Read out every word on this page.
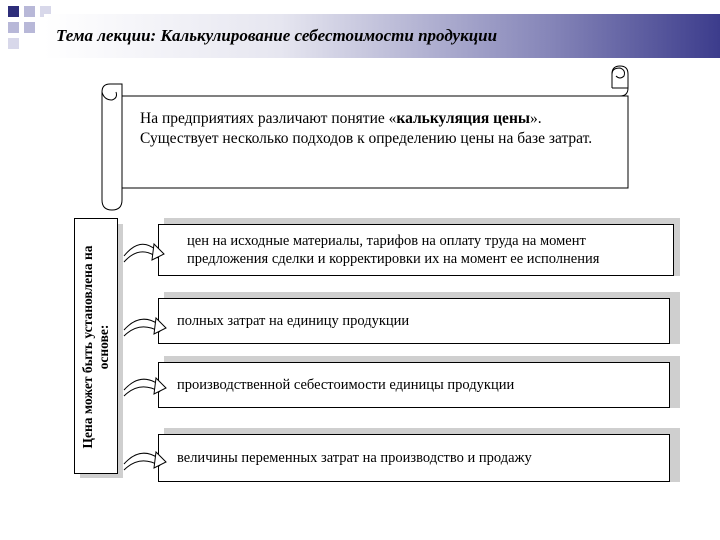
Тема лекции: Калькулирование себестоимости продукции
На предприятиях различают понятие «калькуляция цены». Существует несколько подходов к определению цены на базе затрат.
Цена может быть установлена на основе:
цен на исходные материалы, тарифов на оплату труда на момент предложения сделки и корректировки их на момент ее исполнения
полных затрат на единицу продукции
производственной себестоимости единицы продукции
величины переменных затрат на производство и продажу
